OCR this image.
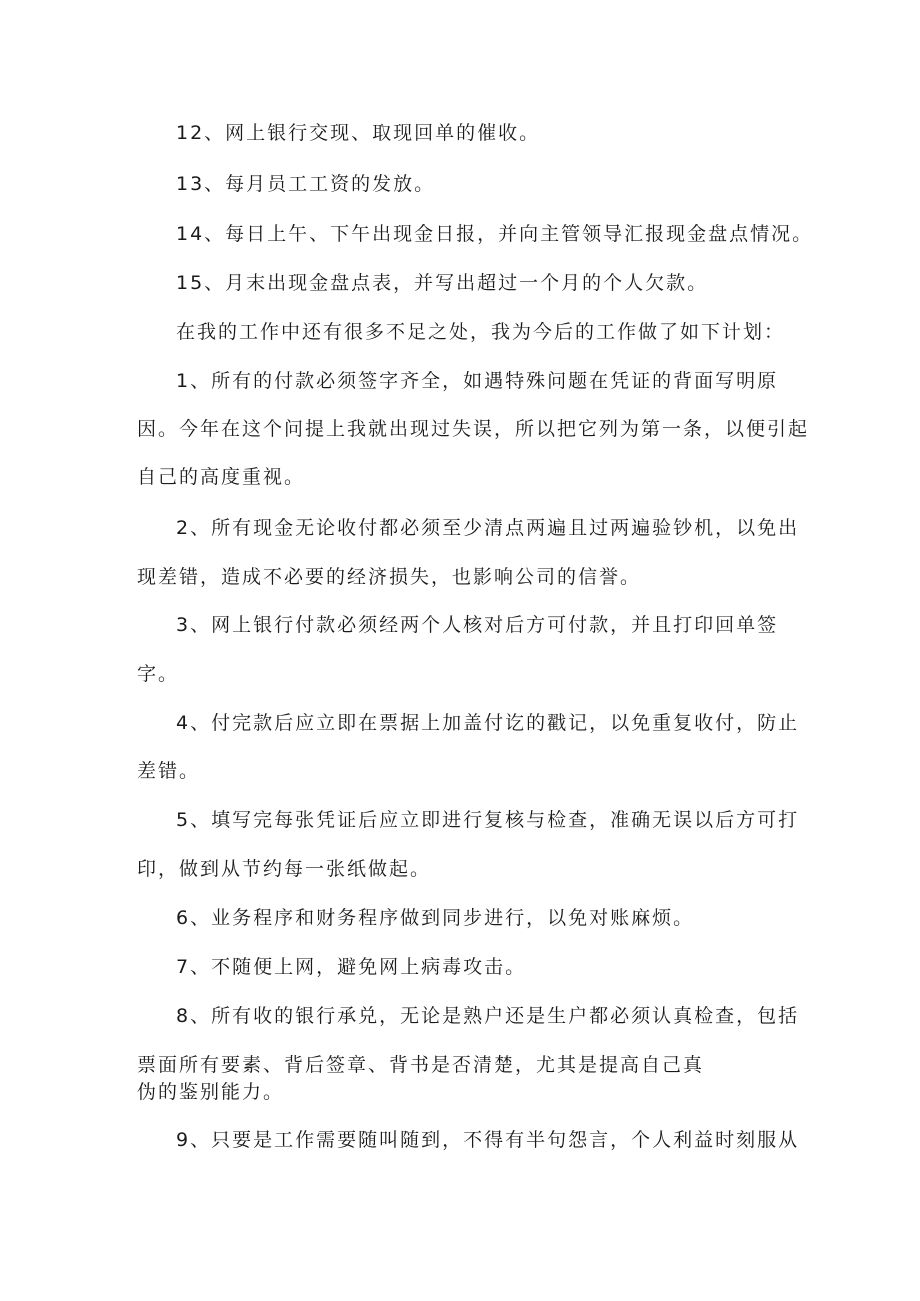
12、网上银行交现、取现回单的催收。
13、每月员工工资的发放。
14、每日上午、下午出现金日报，并向主管领导汇报现金盘点情况。
15、月末出现金盘点表，并写出超过一个月的个人欠款。
在我的工作中还有很多不足之处，我为今后的工作做了如下计划：
1、所有的付款必须签字齐全，如遇特殊问题在凭证的背面写明原
因。今年在这个问提上我就出现过失误，所以把它列为第一条，以便引起
自己的高度重视。
2、所有现金无论收付都必须至少清点两遍且过两遍验钞机，以免出
现差错，造成不必要的经济损失，也影响公司的信誉。
3、网上银行付款必须经两个人核对后方可付款，并且打印回单签
字。
4、付完款后应立即在票据上加盖付讫的戳记，以免重复收付，防止
差错。
5、填写完每张凭证后应立即进行复核与检查，准确无误以后方可打
印，做到从节约每一张纸做起。
6、业务程序和财务程序做到同步进行，以免对账麻烦。
7、不随便上网，避免网上病毒攻击。
8、所有收的银行承兑，无论是熟户还是生户都必须认真检查，包括
票面所有要素、背后签章、背书是否清楚，尤其是提高自己真
伪的鉴别能力。
9、只要是工作需要随叫随到，不得有半句怨言，个人利益时刻服从
